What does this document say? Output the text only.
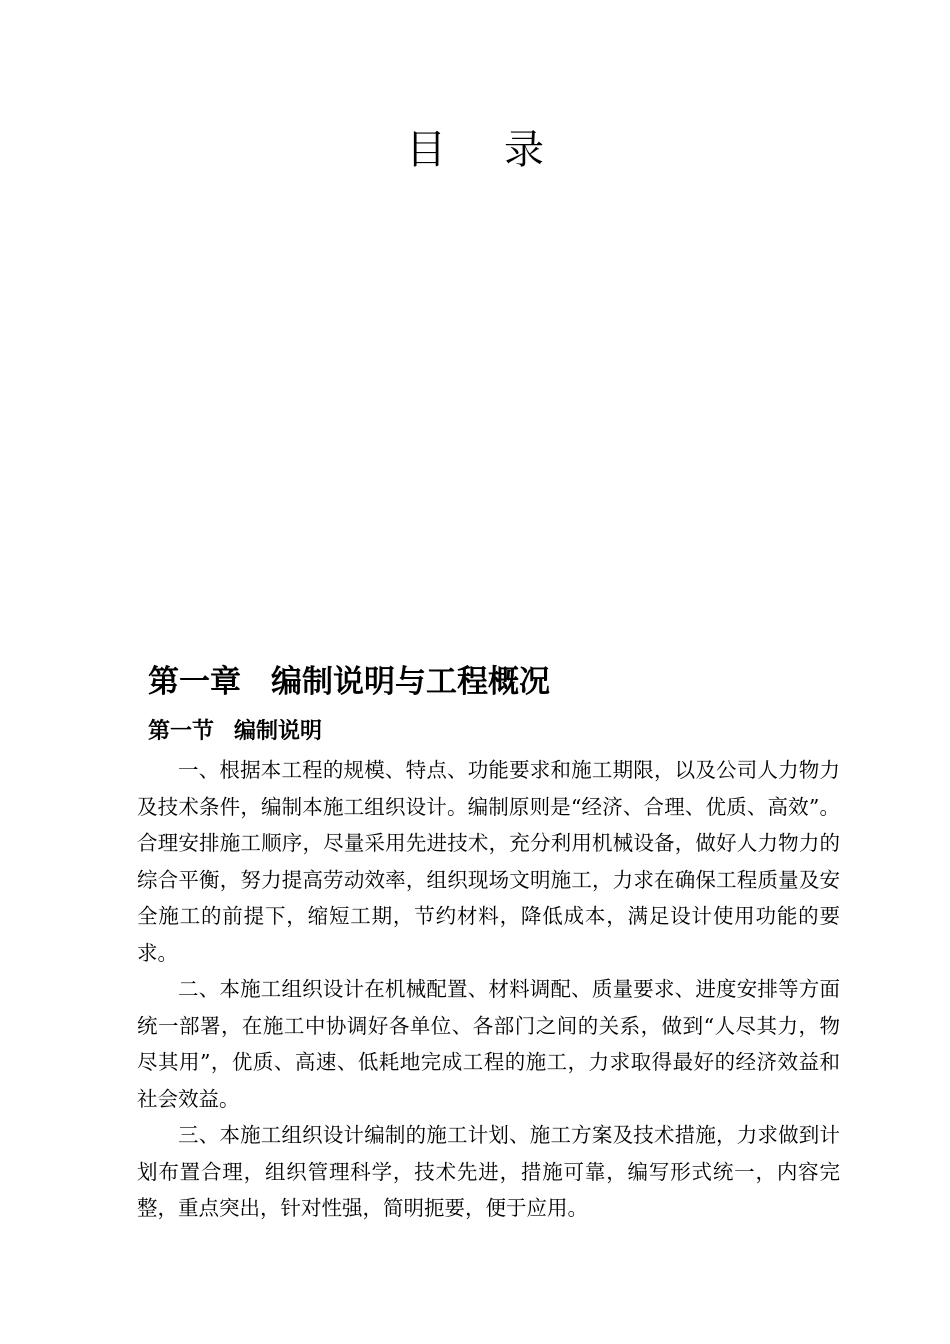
目 录
第一章 编制说明与工程概况
第一节 编制说明

一、根据本工程的规模、特点、功能要求和施工期限，以及公司人力物力及技术条件，编制本施工组织设计。编制原则是“经济、合理、优质、高效”。合理安排施工顺序，尽量采用先进技术，充分利用机械设备，做好人力物力的综合平衡，努力提高劳动效率，组织现场文明施工，力求在确保工程质量及安全施工的前提下，缩短工期，节约材料，降低成本，满足设计使用功能的要求。

二、本施工组织设计在机械配置、材料调配、质量要求、进度安排等方面统一部署，在施工中协调好各单位、各部门之间的关系，做到“人尽其力，物尽其用”，优质、高速、低耗地完成工程的施工，力求取得最好的经济效益和社会效益。

三、本施工组织设计编制的施工计划、施工方案及技术措施，力求做到计划布置合理，组织管理科学，技术先进，措施可靠，编写形式统一，内容完整，重点突出，针对性强，简明扼要，便于应用。
